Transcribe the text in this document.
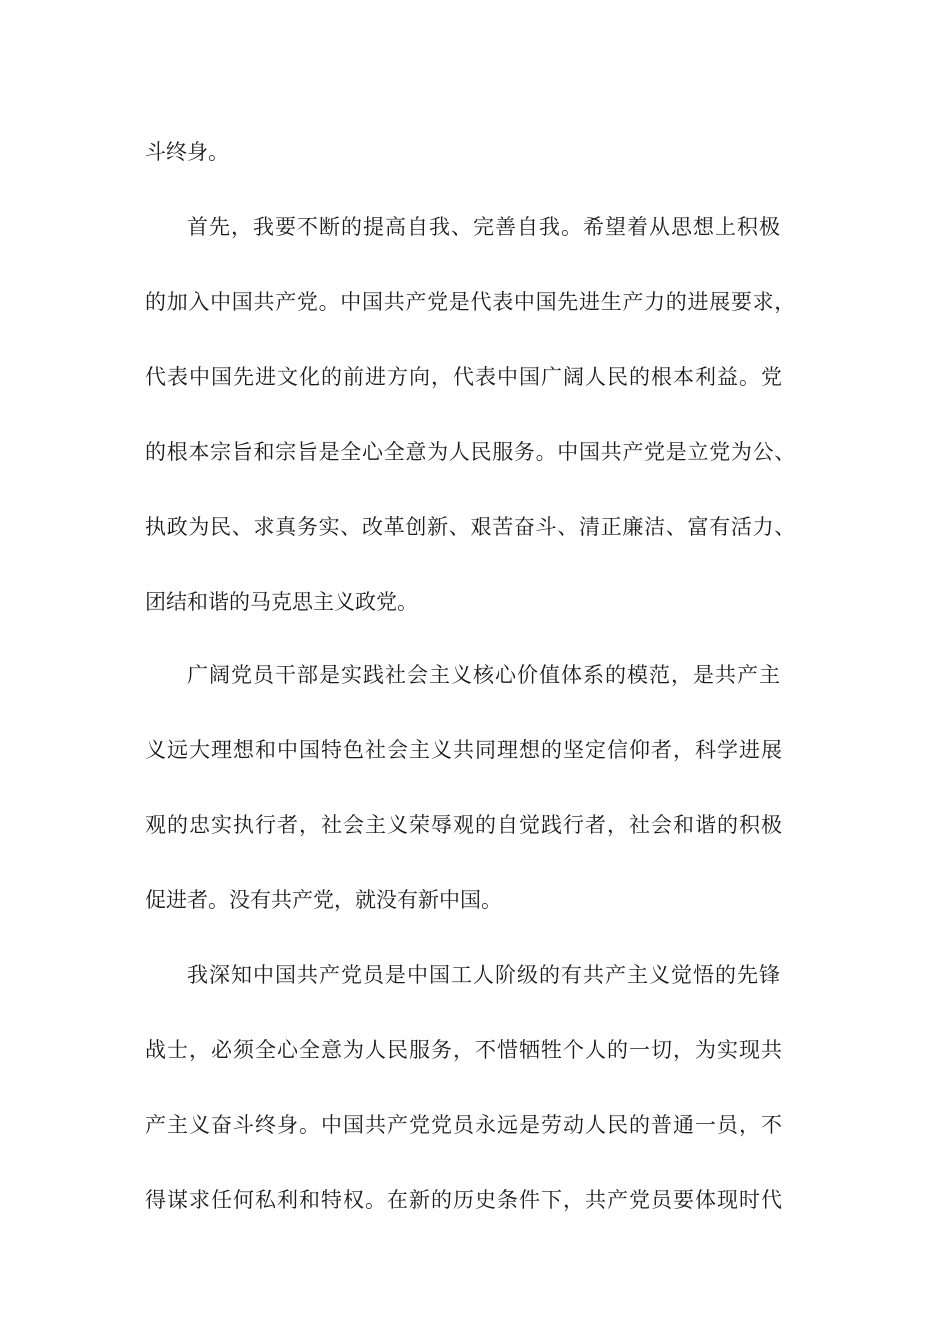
斗终身。

首先，我要不断的提高自我、完善自我。希望着从思想上积极

的加入中国共产党。中国共产党是代表中国先进生产力的进展要求，

代表中国先进文化的前进方向，代表中国广阔人民的根本利益。党

的根本宗旨和宗旨是全心全意为人民服务。中国共产党是立党为公、

执政为民、求真务实、改革创新、艰苦奋斗、清正廉洁、富有活力、

团结和谐的马克思主义政党。

广阔党员干部是实践社会主义核心价值体系的模范，是共产主

义远大理想和中国特色社会主义共同理想的坚定信仰者，科学进展

观的忠实执行者，社会主义荣辱观的自觉践行者，社会和谐的积极

促进者。没有共产党，就没有新中国。

我深知中国共产党员是中国工人阶级的有共产主义觉悟的先锋

战士，必须全心全意为人民服务，不惜牺牲个人的一切，为实现共

产主义奋斗终身。中国共产党党员永远是劳动人民的普通一员，不

得谋求任何私利和特权。在新的历史条件下，共产党员要体现时代
